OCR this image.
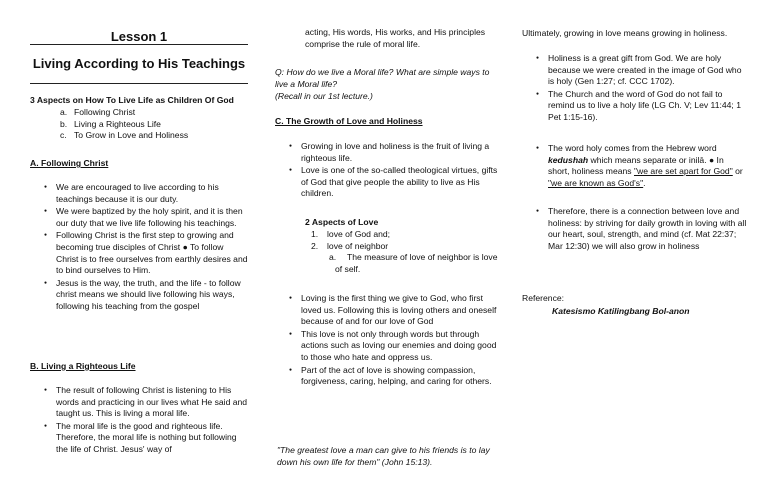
Lesson 1
Living According to His Teachings
3 Aspects on How To Live Life as Children Of God
a. Following Christ
b. Living a Righteous Life
c. To Grow in Love and Holiness
A. Following Christ
● We are encouraged to live according to his teachings because it is our duty.
● We were baptized by the holy spirit, and it is then our duty that we live life following his teachings.
● Following Christ is the first step to growing and becoming true disciples of Christ ● To follow Christ is to free ourselves from earthly desires and to bind ourselves to Him.
● Jesus is the way, the truth, and the life - to follow christ means we should live following his ways, following his teaching from the gospel
B. Living a Righteous Life
● The result of following Christ is listening to His words and practicing in our lives what He said and taught us. This is living a moral life.
● The moral life is the good and righteous life. Therefore, the moral life is nothing but following the life of Christ. Jesus' way of
acting, His words, His works, and His principles comprise the rule of moral life.
Q: How do we live a Moral life? What are simple ways to live a Moral life?
(Recall in our 1st lecture.)
C. The Growth of Love and Holiness
● Growing in love and holiness is the fruit of living a righteous life.
● Love is one of the so-called theological virtues, gifts of God that give people the ability to live as His children.
2 Aspects of Love
1. love of God and;
2. love of neighbor
a.	The measure of love of neighbor is love of self.
● Loving is the first thing we give to God, who first loved us. Following this is loving others and oneself because of and for our love of God
● This love is not only through words but through actions such as loving our enemies and doing good to those who hate and oppress us.
● Part of the act of love is showing compassion, forgiveness, caring, helping, and caring for others.
"The greatest love a man can give to his friends is to lay down his own life for them" (John 15:13).
Ultimately, growing in love means growing in holiness.
● Holiness is a great gift from God. We are holy because we were created in the image of God who is holy (Gen 1:27; cf. CCC 1702).
● The Church and the word of God do not fail to remind us to live a holy life (LG Ch. V; Lev 11:44; 1 Pet 1:15-16).
● The word holy comes from the Hebrew word kedushah which means separate or inilā. ● In short, holiness means "we are set apart for God" or "we are known as God's".
● Therefore, there is a connection between love and holiness: by striving for daily growth in loving with all our heart, soul, strength, and mind (cf. Mat 22:37; Mar 12:30) we will also grow in holiness
Reference:
Katesismo Katilingbang Bol-anon
